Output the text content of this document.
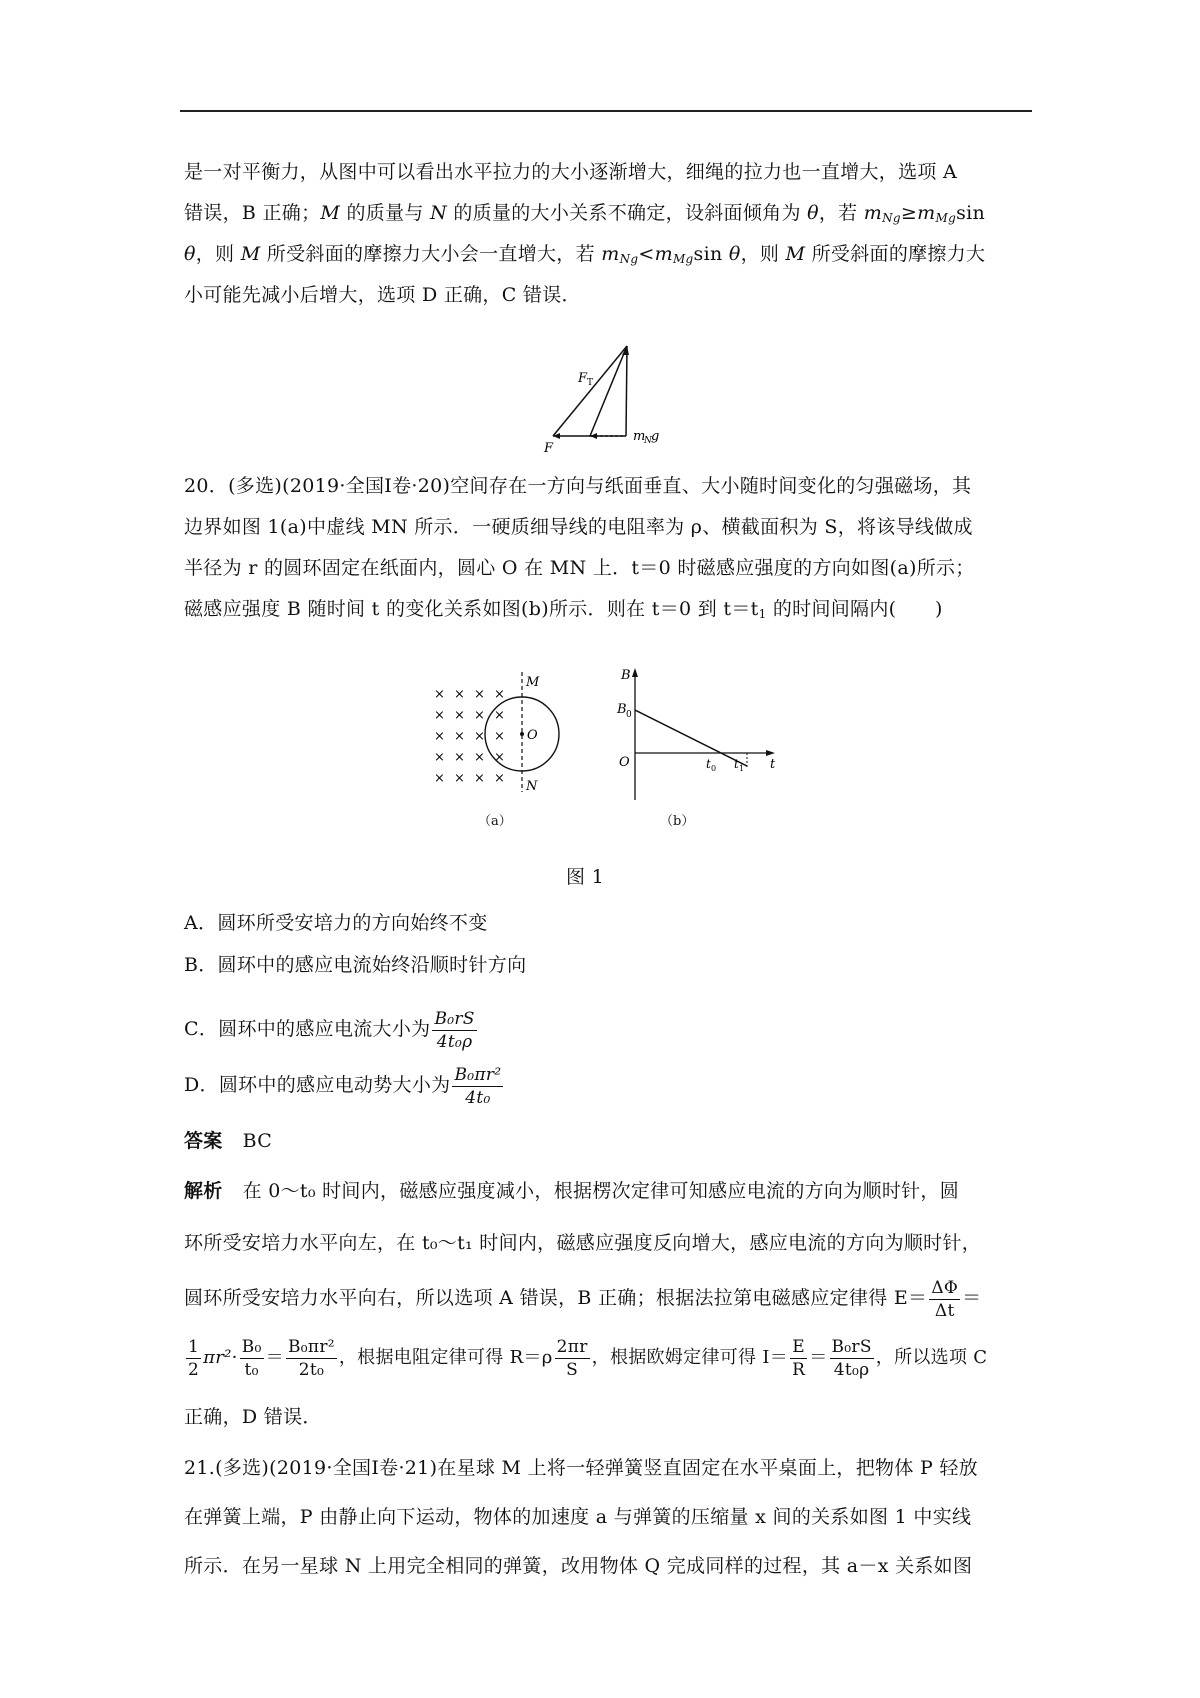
是一对平衡力，从图中可以看出水平拉力的大小逐渐增大，细绳的拉力也一直增大，选项 A
错误，B 正确；M 的质量与 N 的质量的大小关系不确定，设斜面倾角为 θ，若 $m_{Ng}\ge m_{Mg}\sin$
θ，则 M 所受斜面的摩擦力大小会一直增大，若 $m_{Ng}<m_{Mg}\sin$ θ，则 M 所受斜面的摩擦力大
小可能先减小后增大，选项 D 正确，C 错误．
F T
F
m
N g
20．(多选)(2019·全国Ⅰ卷·20)空间存在一方向与纸面垂直、大小随时间变化的匀强磁场，其
边界如图 1(a)中虚线 MN 所示．一硬质细导线的电阻率为 ρ、横截面积为 S，将该导线做成
半径为 r 的圆环固定在纸面内，圆心 O 在 MN 上．t＝0 时磁感应强度的方向如图(a)所示；
磁感应强度 B 随时间 t 的变化关系如图(b)所示．则在 t＝0 到 $t=t_1$ 的时间间隔内(　　)
× × × ×
× × × ×
× × × ×
× × × ×
× × × ×
M
N
O
（a）
B
B 0
O	t 0 t 1 t
（b）
图 1
A．圆环所受安培力的方向始终不变
B．圆环中的感应电流始终沿顺时针方向
C．圆环中的感应电流大小为 $\frac{\text{B₀rS}}{\text{4t₀ρ}}$
D．圆环中的感应电动势大小为 $\frac{\text{B₀πr²}}{\text{4t₀}}$
答案 BC
解析 在 0～t₀ 时间内，磁感应强度减小，根据楞次定律可知感应电流的方向为顺时针，圆
环所受安培力水平向左，在 t₀～t₁ 时间内，磁感应强度反向增大，感应电流的方向为顺时针，
圆环所受安培力水平向右，所以选项 A 错误，B 正确；根据法拉第电磁感应定律得 $E= \frac{\Delta\Phi}{\Delta t}$ ＝
$\frac{1}{2} \pi r^2\cdot \frac{\text{B₀}}{\text{t₀}} = \frac{\text{B₀πr²}}{\text{2t₀}}$ ，根据电阻定律可得 $R=\rho \frac{2\pi r}{S}$ ，根据欧姆定律可得 $I= \frac{E}{R} = \frac{\text{B₀rS}}{\text{4t₀ρ}}$ ，所以选项 C
正确，D 错误．
21.(多选)(2019·全国Ⅰ卷·21)在星球 M 上将一轻弹簧竖直固定在水平桌面上，把物体 P 轻放
在弹簧上端，P 由静止向下运动，物体的加速度 a 与弹簧的压缩量 x 间的关系如图 1 中实线
所示．在另一星球 N 上用完全相同的弹簧，改用物体 Q 完成同样的过程，其 a－x 关系如图
